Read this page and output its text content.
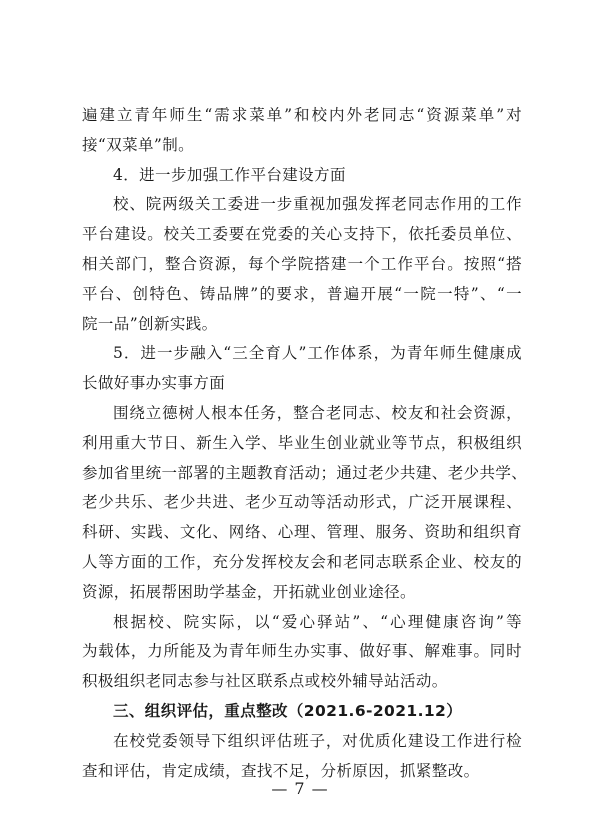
遍建立青年师生“需求菜单”和校内外老同志“资源菜单”对
接“双菜单”制。
4．进一步加强工作平台建设方面
校、院两级关工委进一步重视加强发挥老同志作用的工作
平台建设。校关工委要在党委的关心支持下，依托委员单位、
相关部门，整合资源，每个学院搭建一个工作平台。按照“搭
平台、创特色、铸品牌”的要求，普遍开展“一院一特”、“一
院一品”创新实践。
5．进一步融入“三全育人”工作体系，为青年师生健康成
长做好事办实事方面
围绕立德树人根本任务，整合老同志、校友和社会资源，
利用重大节日、新生入学、毕业生创业就业等节点，积极组织
参加省里统一部署的主题教育活动；通过老少共建、老少共学、
老少共乐、老少共进、老少互动等活动形式，广泛开展课程、
科研、实践、文化、网络、心理、管理、服务、资助和组织育
人等方面的工作，充分发挥校友会和老同志联系企业、校友的
资源，拓展帮困助学基金，开拓就业创业途径。
根据校、院实际，以“爱心驿站”、“心理健康咨询”等
为载体，力所能及为青年师生办实事、做好事、解难事。同时
积极组织老同志参与社区联系点或校外辅导站活动。
三、组织评估，重点整改（2021.6-2021.12）
在校党委领导下组织评估班子，对优质化建设工作进行检
— 7 —
查和评估，肯定成绩，查找不足，分析原因，抓紧整改。
